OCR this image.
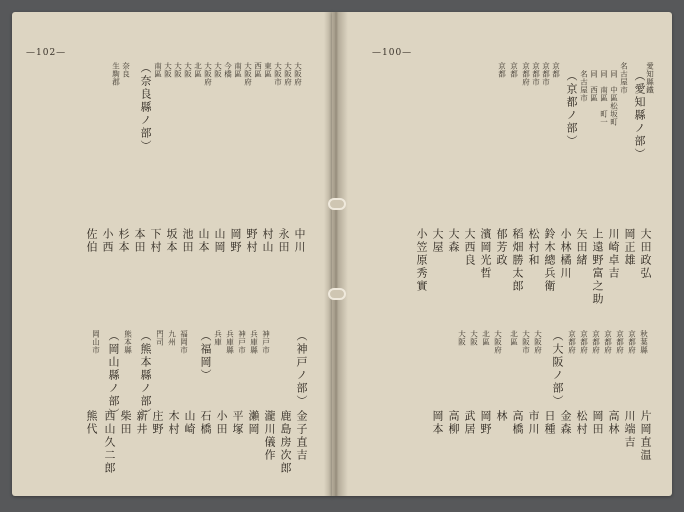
—102—	—100—
愛知縣鐵
（愛知縣ノ部）
名古屋市
同　中區松坂町
同　南區　町一
同　西區
名古屋市
（京都ノ部）
京都
京都市
京都市
京都府
京都
京都
大田政弘
岡正雄
川崎卓吉
上遠野富之助
矢田緒
小林橘川
鈴木總兵衛
松村和
稻畑勝太郎
郁芳政
濱岡光哲
大西良
大森
大屋
小笠原秀實
秋葉縣
京都府
京都府
京都府
京都府
京都府
京都府
（大阪ノ部）
大阪府
大阪市
北區
大阪府
北區
大阪
大阪
片岡直温
川端吉
高林
岡田
松村
金森
日種
市川
高橋
林
岡野
武居
高柳
岡本
大阪府
大阪府
大阪市
東區
西區
大阪府
南區
今橋
大阪
大阪府
北區
大阪
大阪
大阪
南區
（奈良縣ノ部）
奈良
生駒郡
中川
永田
村山
野村
岡野
山岡
山本
池田
坂本
下村
本田
杉本
小西
佐伯
（神戸ノ部）
神戸市
兵庫縣
神戸市
兵庫縣
兵庫
（福岡）
福岡市
九州
門司
（熊本縣ノ部）
熊本縣
（岡山縣ノ部）
岡山市
金子直吉
鹿島房次郎
瀧川儀作
瀨岡
平塚
小田
石橋
山崎
木村
庄野
新井
柴田
西山久二郎
熊代
